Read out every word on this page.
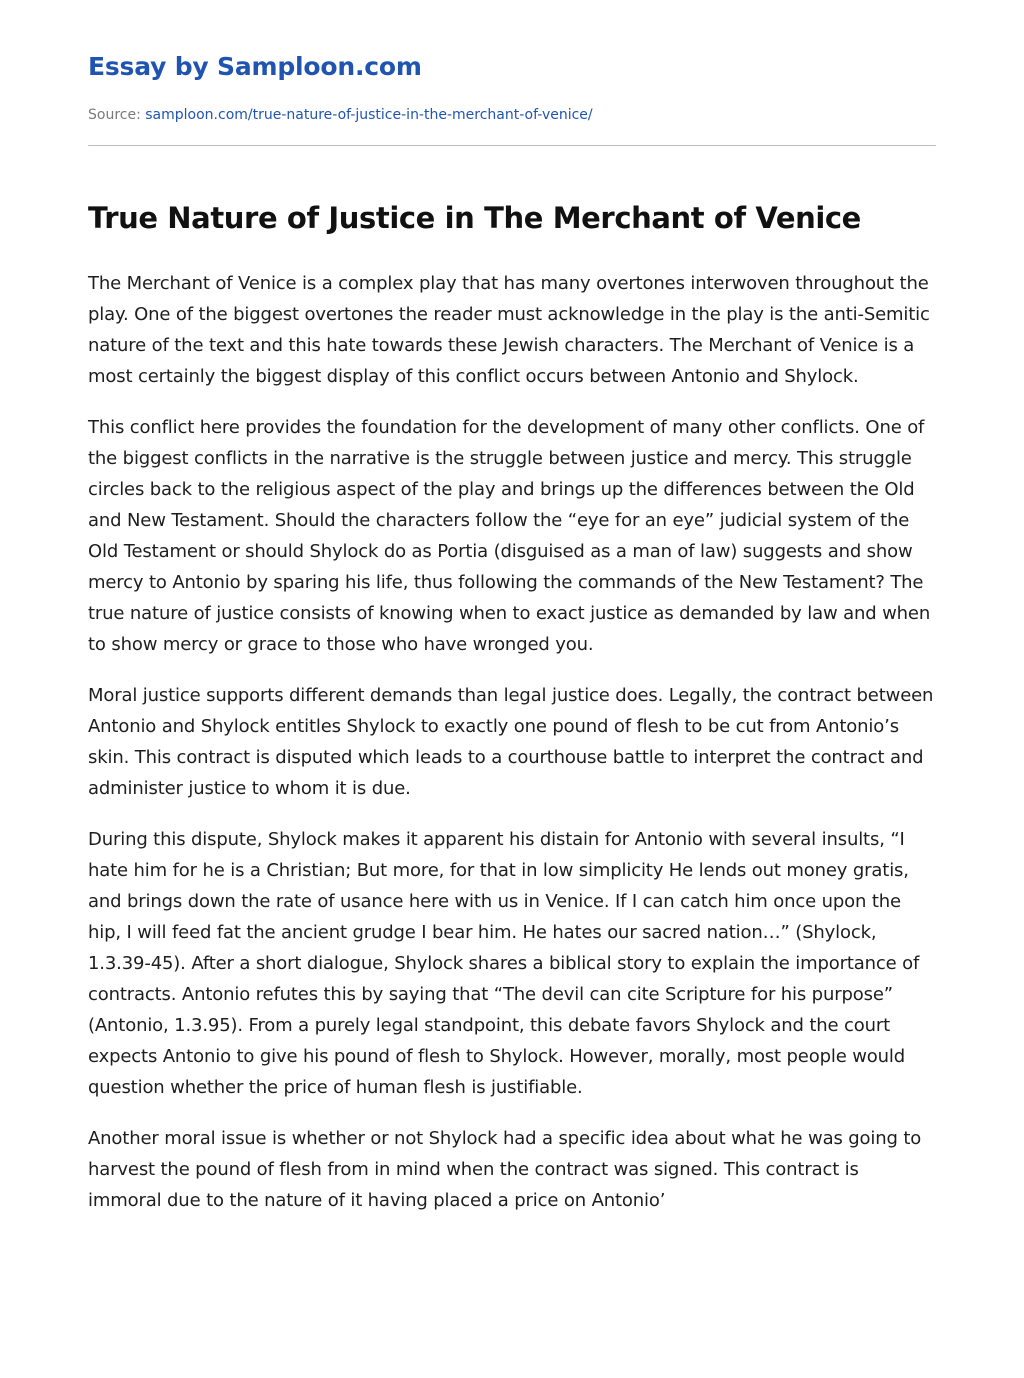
Essay by Samploon.com
Source: samploon.com/true-nature-of-justice-in-the-merchant-of-venice/
True Nature of Justice in The Merchant of Venice

The Merchant of Venice is a complex play that has many overtones interwoven throughout the play. One of the biggest overtones the reader must acknowledge in the play is the anti-Semitic nature of the text and this hate towards these Jewish characters. The Merchant of Venice is a most certainly the biggest display of this conflict occurs between Antonio and Shylock.

This conflict here provides the foundation for the development of many other conflicts. One of the biggest conflicts in the narrative is the struggle between justice and mercy. This struggle circles back to the religious aspect of the play and brings up the differences between the Old and New Testament. Should the characters follow the “eye for an eye” judicial system of the Old Testament or should Shylock do as Portia (disguised as a man of law) suggests and show mercy to Antonio by sparing his life, thus following the commands of the New Testament? The true nature of justice consists of knowing when to exact justice as demanded by law and when to show mercy or grace to those who have wronged you.

Moral justice supports different demands than legal justice does. Legally, the contract between Antonio and Shylock entitles Shylock to exactly one pound of flesh to be cut from Antonio’s skin. This contract is disputed which leads to a courthouse battle to interpret the contract and administer justice to whom it is due.

During this dispute, Shylock makes it apparent his distain for Antonio with several insults, “I hate him for he is a Christian; But more, for that in low simplicity He lends out money gratis, and brings down the rate of usance here with us in Venice. If I can catch him once upon the hip, I will feed fat the ancient grudge I bear him. He hates our sacred nation…” (Shylock, 1.3.39-45). After a short dialogue, Shylock shares a biblical story to explain the importance of contracts. Antonio refutes this by saying that “The devil can cite Scripture for his purpose” (Antonio, 1.3.95). From a purely legal standpoint, this debate favors Shylock and the court expects Antonio to give his pound of flesh to Shylock. However, morally, most people would question whether the price of human flesh is justifiable.

Another moral issue is whether or not Shylock had a specific idea about what he was going to harvest the pound of flesh from in mind when the contract was signed. This contract is immoral due to the nature of it having placed a price on Antonio’
